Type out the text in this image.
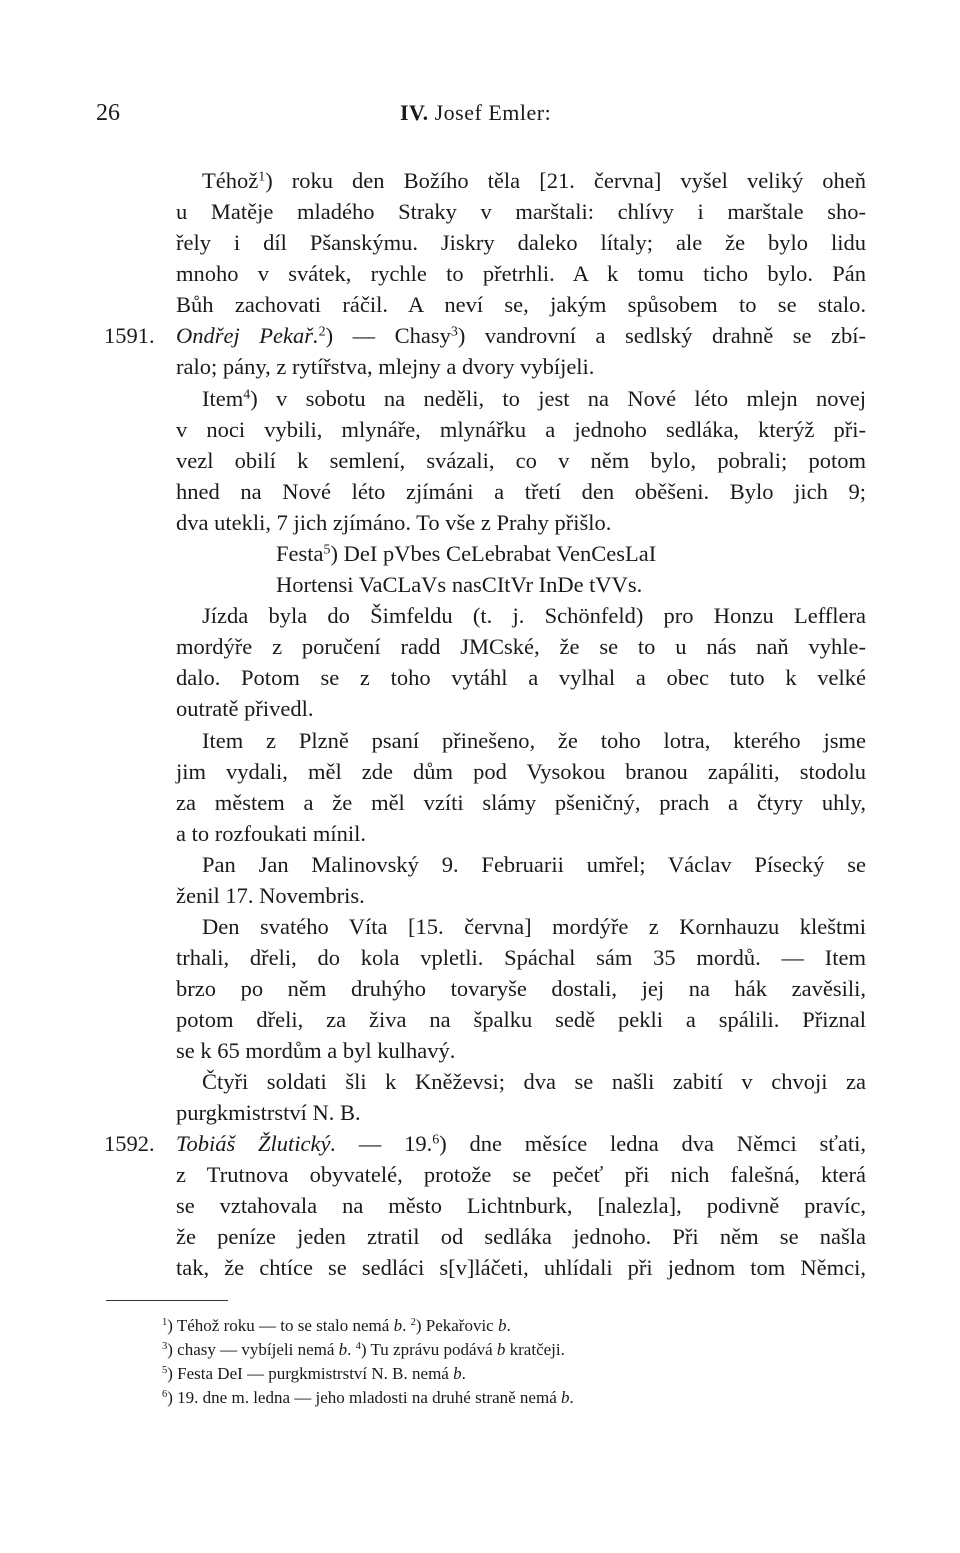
26	IV. Josef Emler:
Téhož$^1$) roku den Božího těla [21. června] vyšel veliký oheň
u Matěje mladého Straky v marštali: chlívy i marštale sho-
řely i díl Pšanskýmu. Jiskry daleko lítaly; ale že bylo lidu
mnoho v svátek, rychle to přetrhli. A k tomu ticho bylo. Pán
Bůh zachovati ráčil. A neví se, jakým spůsobem to se stalo.
1591. Ondřej Pekař.$^2$) — Chasy$^3$) vandrovní a sedlský drahně se zbí-
ralo; pány, z rytířstva, mlejny a dvory vybíjeli.
Item$^4$) v sobotu na neděli, to jest na Nové léto mlejn novej
v noci vybili, mlynáře, mlynářku a jednoho sedláka, kterýž při-
vezl obilí k semlení, svázali, co v něm bylo, pobrali; potom
hned na Nové léto zjímáni a třetí den oběšeni. Bylo jich 9;
dva utekli, 7 jich zjímáno. To vše z Prahy přišlo.
Festa$^5$) DeI pVbes CeLebrabat VenCesLaI
Hortensi VaCLaVs nasCItVr InDe tVVs.
Jízda byla do Šimfeldu (t. j. Schönfeld) pro Honzu Lefflera
mordýře z poručení radd JMCské, že se to u nás naň vyhle-
dalo. Potom se z toho vytáhl a vylhal a obec tuto k velké
outratě přivedl.
Item z Plzně psaní přinešeno, že toho lotra, kterého jsme
jim vydali, měl zde dům pod Vysokou branou zapáliti, stodolu
za městem a že měl vzíti slámy pšeničný, prach a čtyry uhly,
a to rozfoukati mínil.
Pan Jan Malinovský 9. Februarii umřel; Václav Písecký se
ženil 17. Novembris.
Den svatého Víta [15. června] mordýře z Kornhauzu kleštmi
trhali, dřeli, do kola vpletli. Spáchal sám 35 mordů. — Item
brzo po něm druhýho tovaryše dostali, jej na hák zavěsili,
potom dřeli, za živa na špalku sedě pekli a spálili. Přiznal
se k 65 mordům a byl kulhavý.
Čtyři soldati šli k Kněževsi; dva se našli zabití v chvoji za
purgkmistrství N. B.
1592. Tobiáš Žlutický. — 19.$^6$) dne měsíce ledna dva Němci sťati,
z Trutnova obyvatelé, protože se pečeť při nich falešná, která
se vztahovala na město Lichtnburk, [nalezla], podivně pravíc,
že peníze jeden ztratil od sedláka jednoho. Při něm se našla
tak, že chtíce se sedláci s[v]láčeti, uhlídali při jednom tom Němci,
$^1$) Téhož roku — to se stalo nemá b. $^2$) Pekařovic b.
$^3$) chasy — vybíjeli nemá b. $^4$) Tu zprávu podává b kratčeji.
$^5$) Festa DeI — purgkmistrství N. B. nemá b.
$^6$) 19. dne m. ledna — jeho mladosti na druhé straně nemá b.
